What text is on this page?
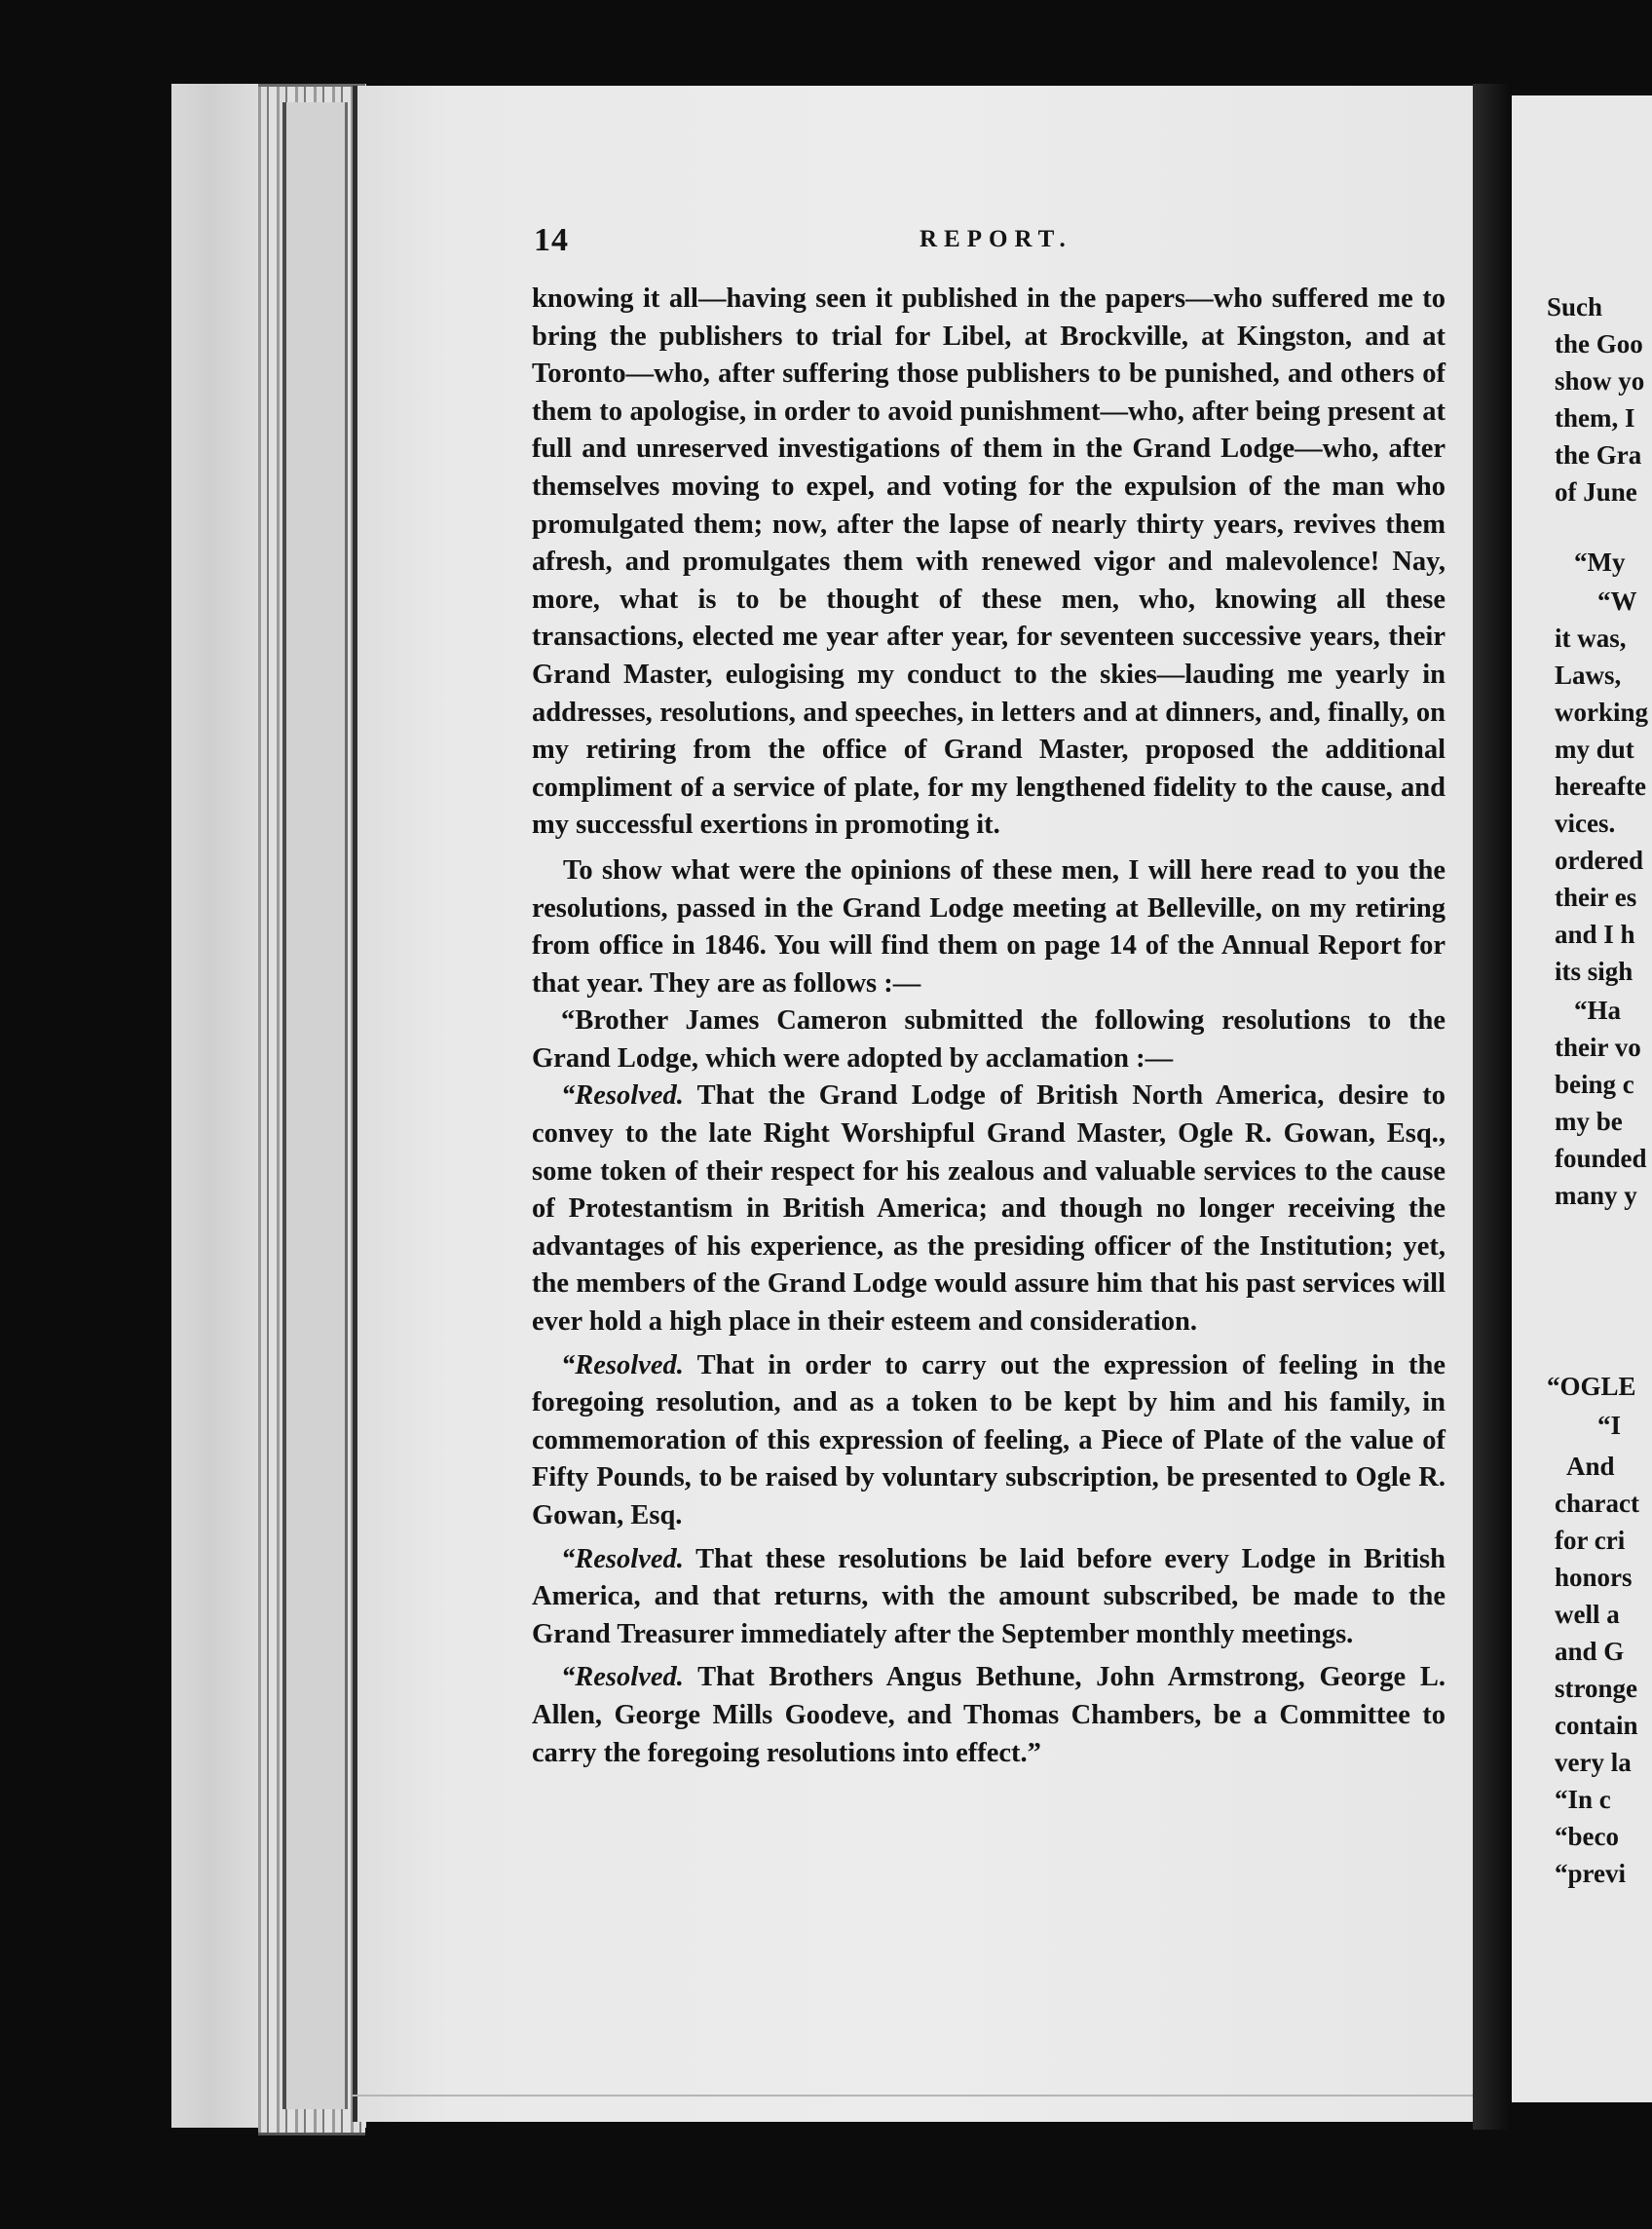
14	REPORT.

knowing it all—having seen it published in the papers—who suffered me to bring the publishers to trial for Libel, at Brockville, at Kingston, and at Toronto—who, after suffering those publishers to be punished, and others of them to apologise, in order to avoid punishment—who, after being present at full and unreserved investigations of them in the Grand Lodge—who, after themselves moving to expel, and voting for the expulsion of the man who promulgated them; now, after the lapse of nearly thirty years, revives them afresh, and promulgates them with renewed vigor and malevolence! Nay, more, what is to be thought of these men, who, knowing all these transactions, elected me year after year, for seventeen successive years, their Grand Master, eulogising my conduct to the skies—lauding me yearly in addresses, resolutions, and speeches, in letters and at dinners, and, finally, on my retiring from the office of Grand Master, proposed the additional compliment of a service of plate, for my lengthened fidelity to the cause, and my successful exertions in promoting it.

To show what were the opinions of these men, I will here read to you the resolutions, passed in the Grand Lodge meeting at Belleville, on my retiring from office in 1846. You will find them on page 14 of the Annual Report for that year. They are as follows :—

“Brother James Cameron submitted the following resolutions to the Grand Lodge, which were adopted by acclamation :—

“Resolved. That the Grand Lodge of British North America, desire to convey to the late Right Worshipful Grand Master, Ogle R. Gowan, Esq., some token of their respect for his zealous and valuable services to the cause of Protestantism in British America; and though no longer receiving the advantages of his experience, as the presiding officer of the Institution; yet, the members of the Grand Lodge would assure him that his past services will ever hold a high place in their esteem and consideration.

“Resolved. That in order to carry out the expression of feeling in the foregoing resolution, and as a token to be kept by him and his family, in commemoration of this expression of feeling, a Piece of Plate of the value of Fifty Pounds, to be raised by voluntary subscription, be presented to Ogle R. Gowan, Esq.

“Resolved. That these resolutions be laid before every Lodge in British America, and that returns, with the amount subscribed, be made to the Grand Treasurer immediately after the September monthly meetings.

“Resolved. That Brothers Angus Bethune, John Armstrong, George L. Allen, George Mills Goodeve, and Thomas Chambers, be a Committee to carry the foregoing resolutions into effect.”

Such
the Goo
show yo
them, I
the Gra
of June
“My
“W
it was,
Laws,
working
my dut
hereafte
vices.
ordered
their es
and I h
its sigh
“Ha
their vo
being c
my be
founded
many y
“OGLE
“I
And
charact
for cri
honors
well a
and G
stronge
contain
very la
“In c
“beco
“previ
